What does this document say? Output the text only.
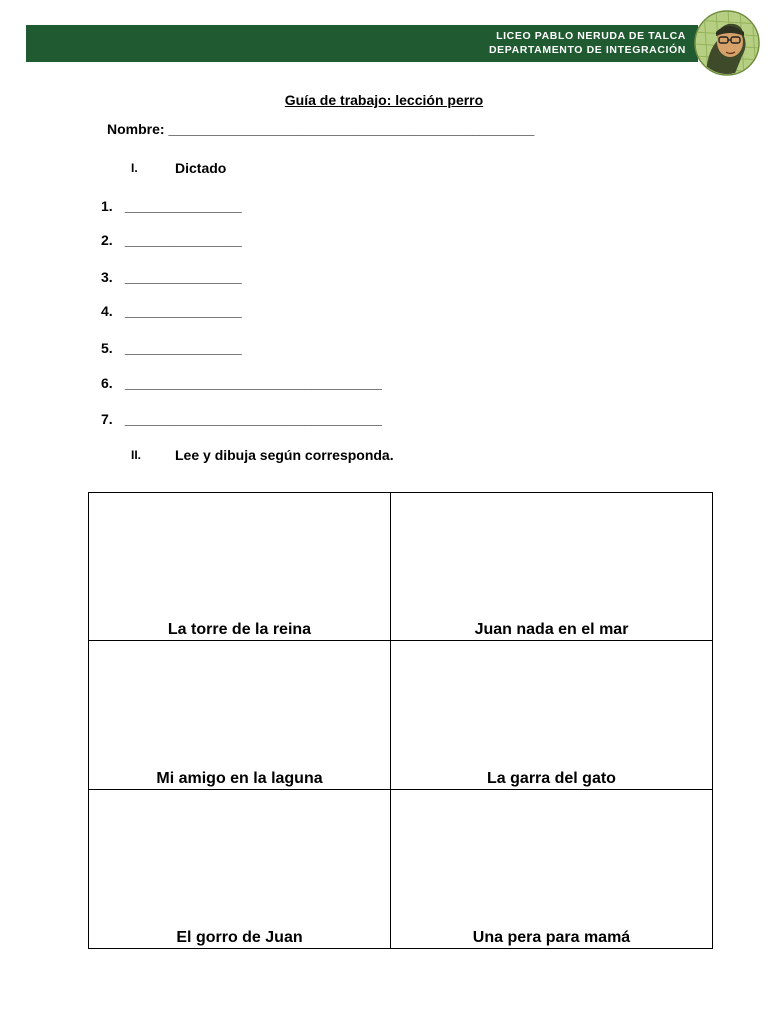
LICEO PABLO NERUDA DE TALCA
DEPARTAMENTO DE INTEGRACIÓN
Guía de trabajo: lección perro
Nombre: _______________________________________________
I.	Dictado
1. _______________
2. _______________
3. _______________
4. _______________
5. _______________
6. _________________________________
7. _________________________________
II. Lee y dibuja según corresponda.
La torre de la reina	Juan nada en el mar
Mi amigo en la laguna	La garra del gato
El gorro de Juan	Una pera para mamá
